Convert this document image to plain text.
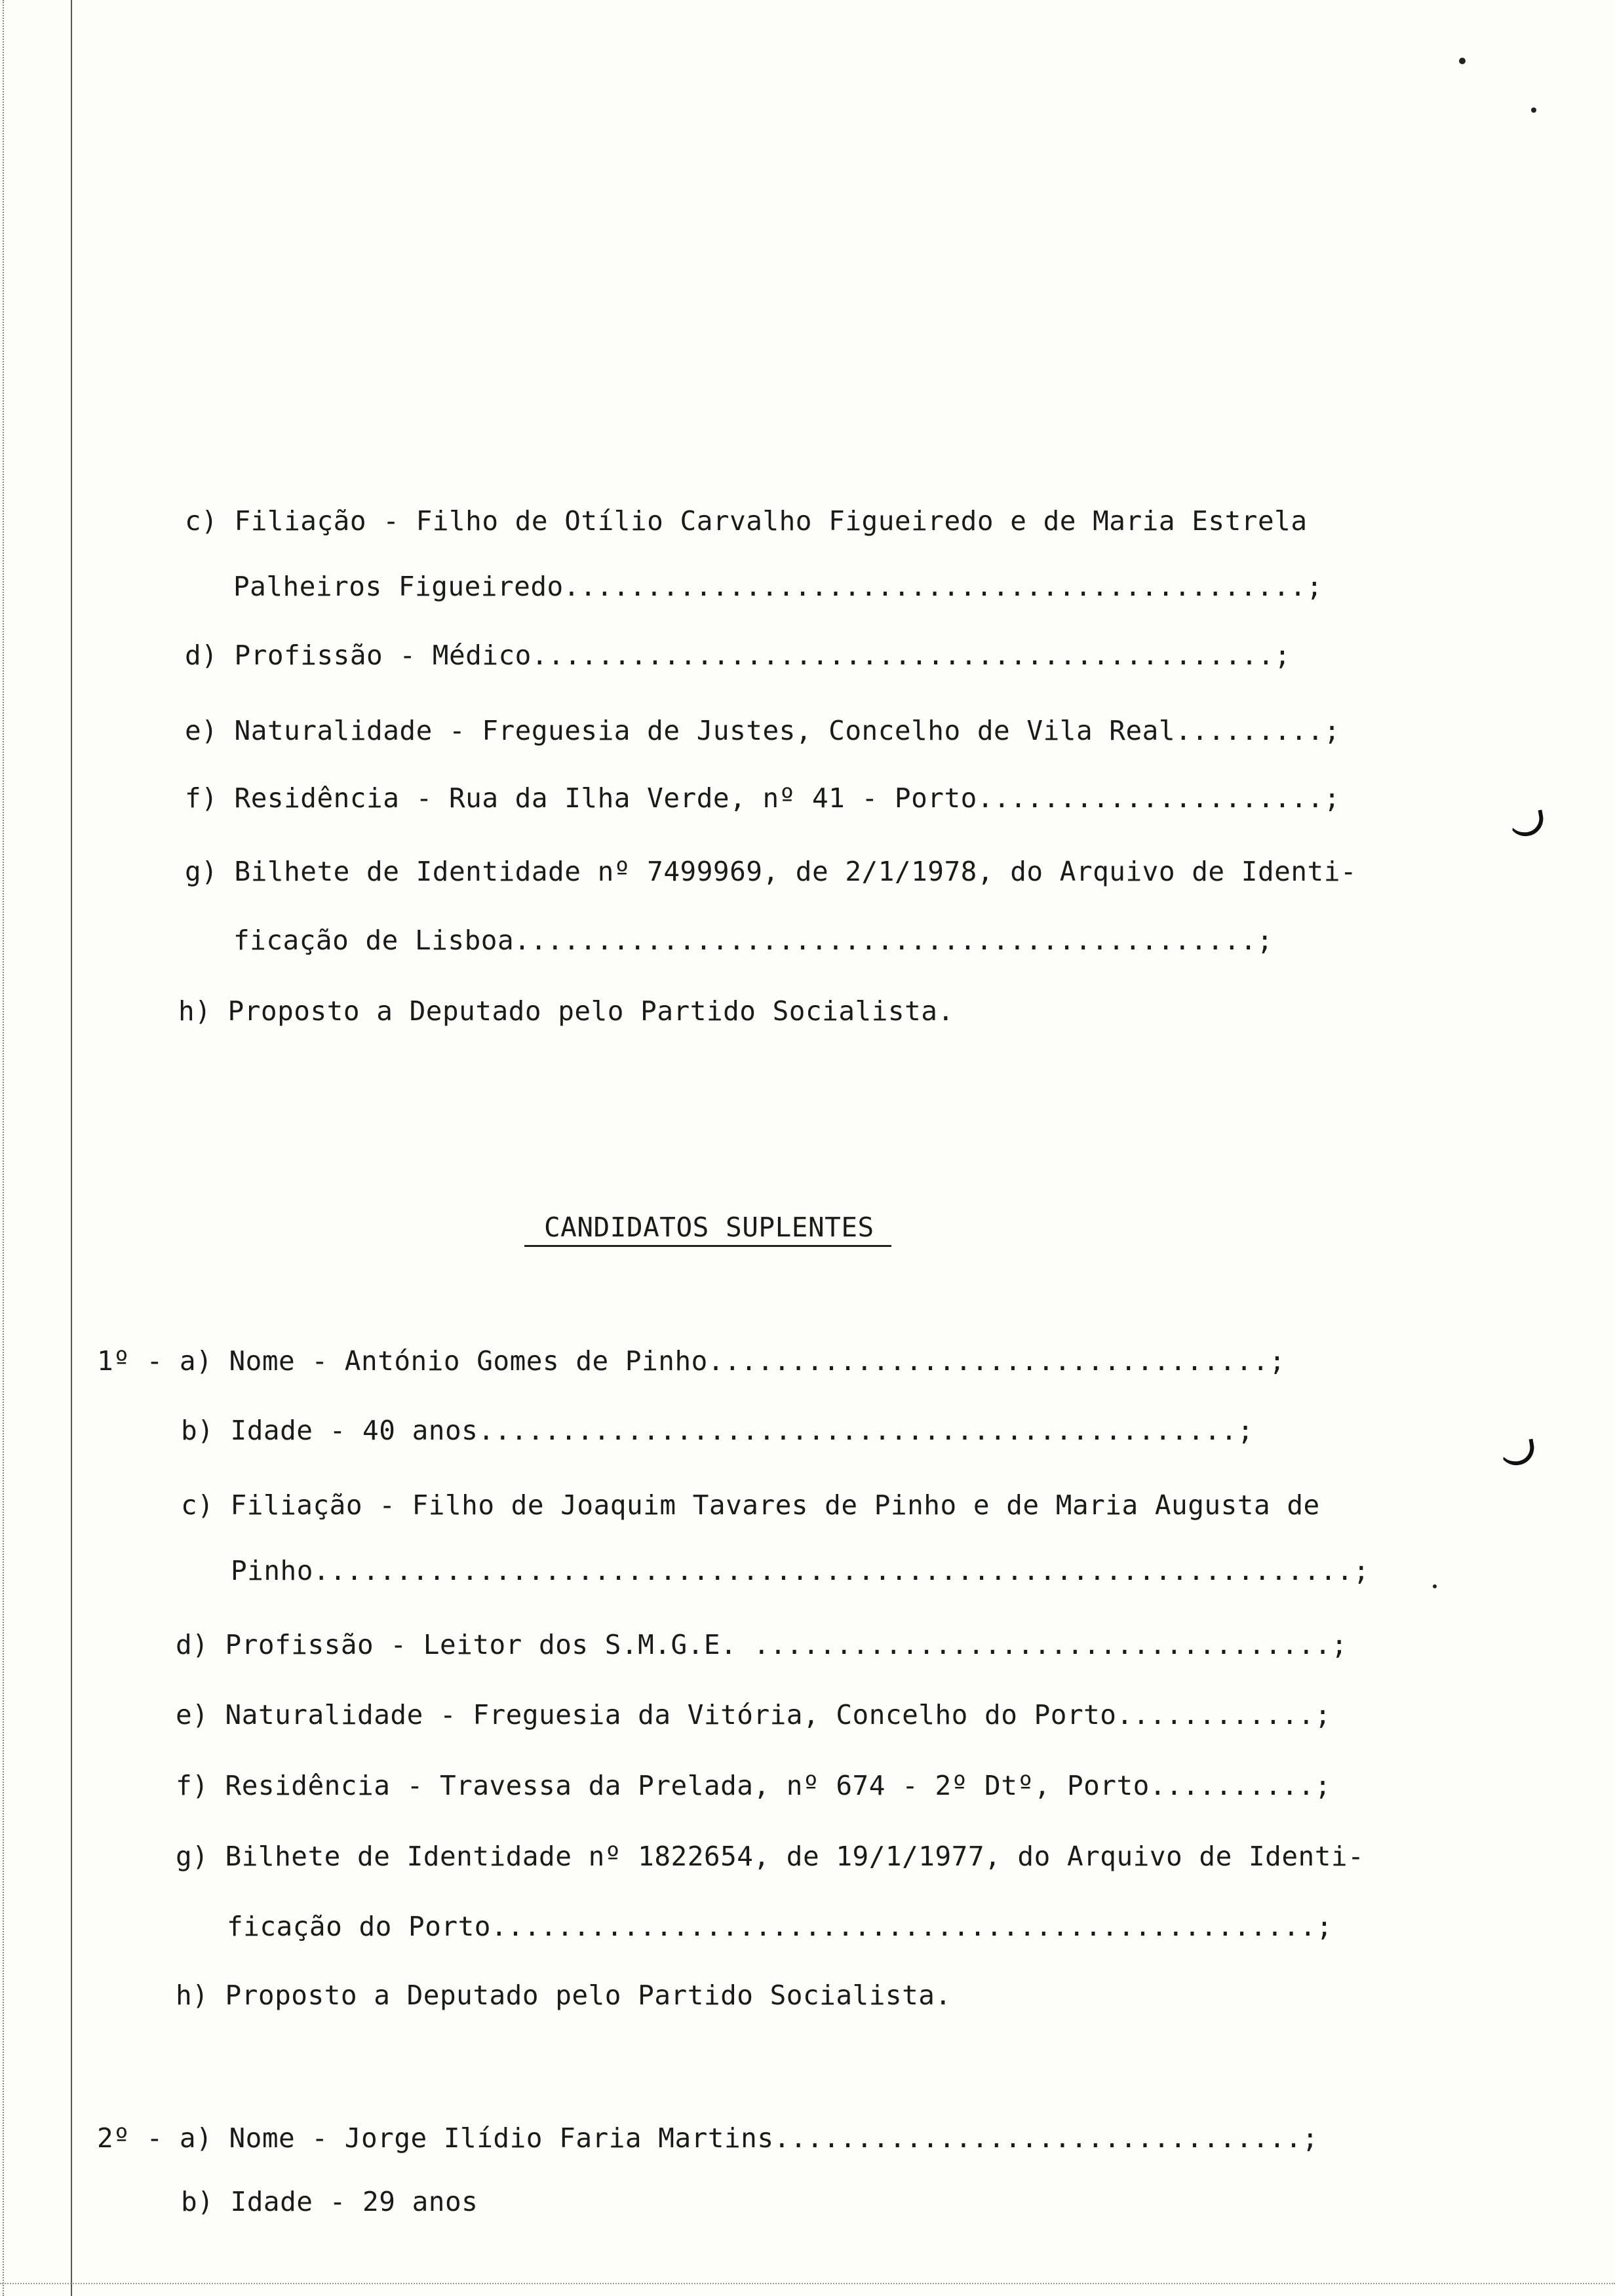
c) Filiação - Filho de Otílio Carvalho Figueiredo e de Maria Estrela
Palheiros Figueiredo.............................................;
d) Profissão - Médico.............................................;
e) Naturalidade - Freguesia de Justes, Concelho de Vila Real.........;
f) Residência - Rua da Ilha Verde, nº 41 - Porto.....................;
g) Bilhete de Identidade nº 7499969, de 2/1/1978, do Arquivo de Identi-
ficação de Lisboa.............................................;
h) Proposto a Deputado pelo Partido Socialista.
CANDIDATOS SUPLENTES
1º - a) Nome - António Gomes de Pinho..................................;
b) Idade - 40 anos..............................................;
c) Filiação - Filho de Joaquim Tavares de Pinho e de Maria Augusta de
Pinho...............................................................;
d) Profissão - Leitor dos S.M.G.E. ...................................;
e) Naturalidade - Freguesia da Vitória, Concelho do Porto............;
f) Residência - Travessa da Prelada, nº 674 - 2º Dtº, Porto..........;
g) Bilhete de Identidade nº 1822654, de 19/1/1977, do Arquivo de Identi-
ficação do Porto..................................................;
h) Proposto a Deputado pelo Partido Socialista.
2º - a) Nome - Jorge Ilídio Faria Martins................................;
b) Idade - 29 anos
